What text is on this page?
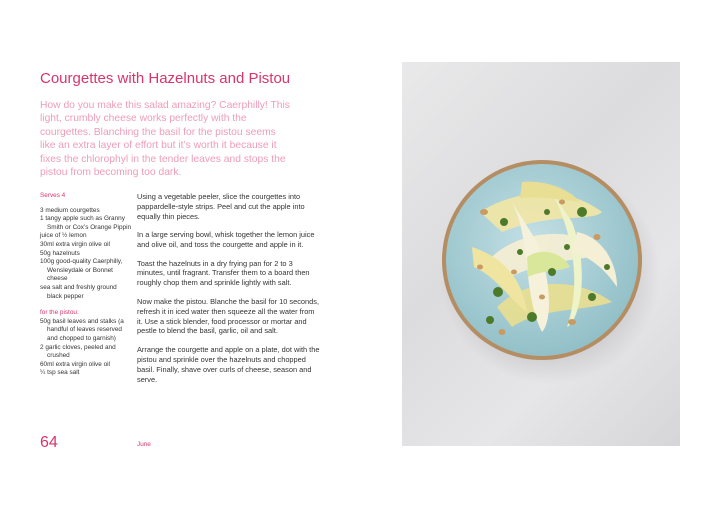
Courgettes with Hazelnuts and Pistou
How do you make this salad amazing? Caerphilly! This light, crumbly cheese works perfectly with the courgettes. Blanching the basil for the pistou seems like an extra layer of effort but it’s worth it because it fixes the chlorophyl in the tender leaves and stops the pistou from becoming too dark.
Serves 4
3 medium courgettes
1 tangy apple such as Granny Smith or Cox’s Orange Pippin
juice of ½ lemon
30ml extra virgin olive oil
50g hazelnuts
100g good-quality Caerphilly, Wensleydale or Bonnet cheese
sea salt and freshly ground black pepper
for the pistou:
50g basil leaves and stalks (a handful of leaves reserved and chopped to garnish)
2 garlic cloves, peeled and crushed
60ml extra virgin olive oil
¼ tsp sea salt

Using a vegetable peeler, slice the courgettes into pappardelle-style strips. Peel and cut the apple into equally thin pieces.

In a large serving bowl, whisk together the lemon juice and olive oil, and toss the courgette and apple in it.

Toast the hazelnuts in a dry frying pan for 2 to 3 minutes, until fragrant. Transfer them to a board then roughly chop them and sprinkle lightly with salt.

Now make the pistou. Blanche the basil for 10 seconds, refresh it in iced water then squeeze all the water from it. Use a stick blender, food processor or mortar and pestle to blend the basil, garlic, oil and salt.

Arrange the courgette and apple on a plate, dot with the pistou and sprinkle over the hazelnuts and chopped basil. Finally, shave over curls of cheese, season and serve.

64	June
